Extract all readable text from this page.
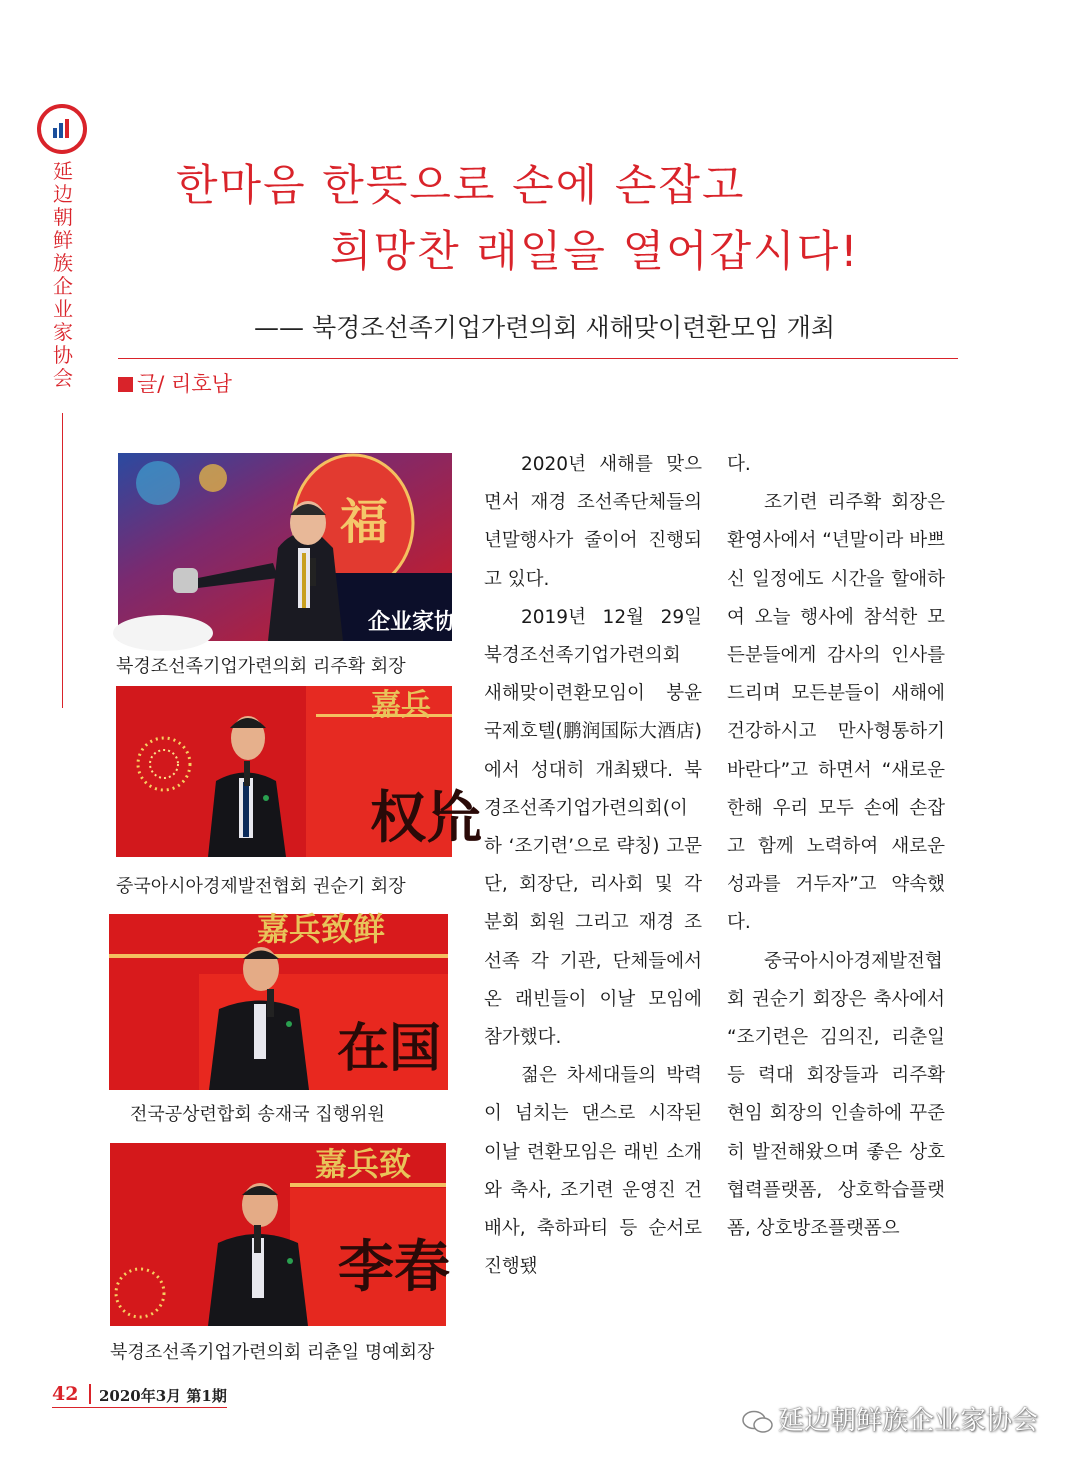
延边朝鲜族企业家协会
한마음 한뜻으로 손에 손잡고
희망찬 래일을 열어갑시다!
—— 북경조선족기업가련의회 새해맞이련환모임 개최
글/ 리호남
企业家协
福
북경조선족기업가련의회 리주확 회장
权㠩
嘉兵
중국아시아경제발전협회 권순기 회장
在国
嘉兵致鲜
전국공상련합회 송재국 집행위원
李春
嘉兵致
북경조선족기업가련의회 리춘일 명예회장

2020년 새해를 맞으면서 재경 조선족단체들의 년말행사가 줄이어 진행되고 있다.

2019년 12월 29일 북경조선족기업가련의회 새해맞이련환모임이 붕윤국제호텔(鹏润国际大酒店)에서 성대히 개최됐다. 북경조선족기업가련의회(이하 ‘조기련’으로 략칭) 고문단, 회장단, 리사회 및 각 분회 회원 그리고 재경 조선족 각 기관, 단체들에서 온 래빈들이 이날 모임에 참가했다.

젊은 차세대들의 박력이 넘치는 댄스로 시작된 이날 련환모임은 래빈 소개와 축사, 조기련 운영진 건배사, 축하파티 등 순서로 진행됐

다.

조기련 리주확 회장은 환영사에서 “년말이라 바쁘신 일정에도 시간을 할애하여 오늘 행사에 참석한 모든분들에게 감사의 인사를 드리며 모든분들이 새해에 건강하시고 만사형통하기 바란다”고 하면서 “새로운 한해 우리 모두 손에 손잡고 함께 노력하여 새로운 성과를 거두자”고 약속했다.

중국아시아경제발전협회 권순기 회장은 축사에서 “조기련은 김의진, 리춘일 등 력대 회장들과 리주확 현임 회장의 인솔하에 꾸준히 발전해왔으며 좋은 상호협력플랫폼, 상호학습플랫폼, 상호방조플랫폼으

42 2020年3月 第1期
延边朝鲜族企业家协会
